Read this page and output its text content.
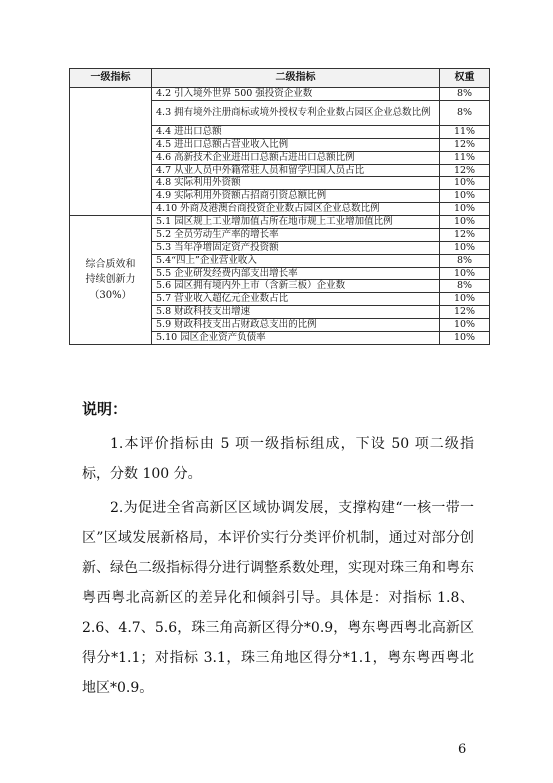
一级指标	二级指标	权重
	4.2 引入境外世界 500 强投资企业数	8%
	4.3 拥有境外注册商标或境外授权专利企业数占园区企业总数比例	8%
	4.4 进出口总额	11%
	4.5 进出口总额占营业收入比例	12%
	4.6 高新技术企业进出口总额占进出口总额比例	11%
	4.7 从业人员中外籍常驻人员和留学归国人员占比	12%
	4.8 实际利用外资额	10%
	4.9 实际利用外资额占招商引资总额比例	10%
	4.10 外商及港澳台商投资企业数占园区企业总数比例	10%

综合质效和
持续创新力
（30%）	5.1 园区规上工业增加值占所在地市规上工业增加值比例	10%
	5.2 全员劳动生产率的增长率	12%
	5.3 当年净增固定资产投资额	10%
	5.4“四上”企业营业收入	8%
	5.5 企业研发经费内部支出增长率	10%
	5.6 园区拥有境内外上市（含新三板）企业数	8%
	5.7 营业收入超亿元企业数占比	10%
	5.8 财政科技支出增速	12%
	5.9 财政科技支出占财政总支出的比例	10%
	5.10 园区企业资产负债率	10%
说明：

1.本评价指标由 5 项一级指标组成，下设 50 项二级指标，分数 100 分。

2.为促进全省高新区区域协调发展，支撑构建“一核一带一区”区域发展新格局，本评价实行分类评价机制，通过对部分创新、绿色二级指标得分进行调整系数处理，实现对珠三角和粤东粤西粤北高新区的差异化和倾斜引导。具体是：对指标 1.8、2.6、4.7、5.6，珠三角高新区得分*0.9，粤东粤西粤北高新区得分*1.1；对指标 3.1，珠三角地区得分*1.1，粤东粤西粤北地区*0.9。

6
